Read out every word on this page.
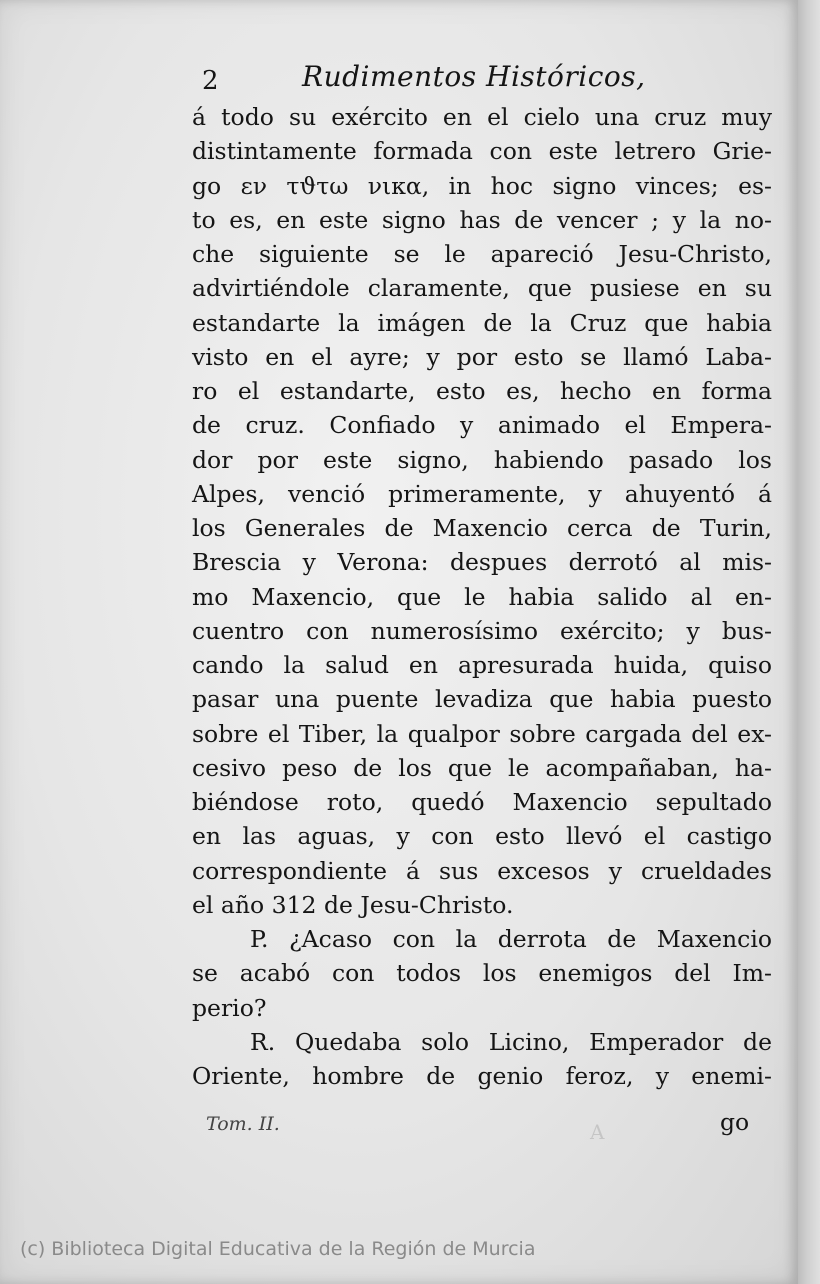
2	Rudimentos Históricos,
á todo su exército en el cielo una cruz muy
distintamente formada con este letrero Grie-
go εν τϑτω νικα, in hoc signo vinces; es-
to es, en este signo has de vencer ; y la no-
che siguiente se le apareció Jesu-Christo,
advirtiéndole claramente, que pusiese en su
estandarte la imágen de la Cruz que habia
visto en el ayre; y por esto se llamó Laba-
ro el estandarte, esto es, hecho en forma
de cruz. Confiado y animado el Empera-
dor por este signo, habiendo pasado los
Alpes, venció primeramente, y ahuyentó á
los Generales de Maxencio cerca de Turin,
Brescia y Verona: despues derrotó al mis-
mo Maxencio, que le habia salido al en-
cuentro con numerosísimo exército; y bus-
cando la salud en apresurada huida, quiso
pasar una puente levadiza que habia puesto
sobre el Tiber, la qualpor sobre cargada del ex-
cesivo peso de los que le acompañaban, ha-
biéndose roto, quedó Maxencio sepultado
en las aguas, y con esto llevó el castigo
correspondiente á sus excesos y crueldades
el año 312 de Jesu-Christo.
P. ¿Acaso con la derrota de Maxencio
se acabó con todos los enemigos del Im-
perio?
R. Quedaba solo Licino, Emperador de
Oriente, hombre de genio feroz, y enemi-
Tom. II.	A	go
(c) Biblioteca Digital Educativa de la Región de Murcia
